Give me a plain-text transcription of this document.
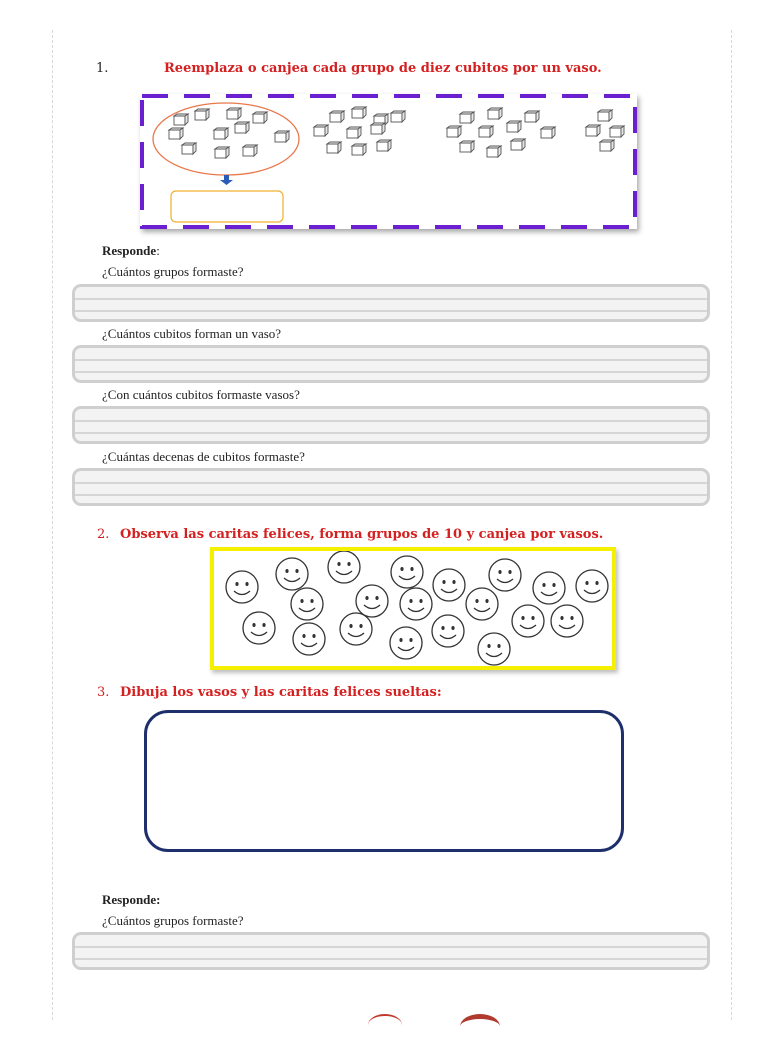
1.	Reemplaza o canjea cada grupo de diez cubitos por un vaso.
Responde:
¿Cuántos grupos formaste?
¿Cuántos cubitos forman un vaso?
¿Con cuántos cubitos formaste vasos?
¿Cuántas decenas de cubitos formaste?
2. Observa las caritas felices, forma grupos de 10 y canjea por vasos.
3. Dibuja los vasos y las caritas felices sueltas:
Responde:
¿Cuántos grupos formaste?
